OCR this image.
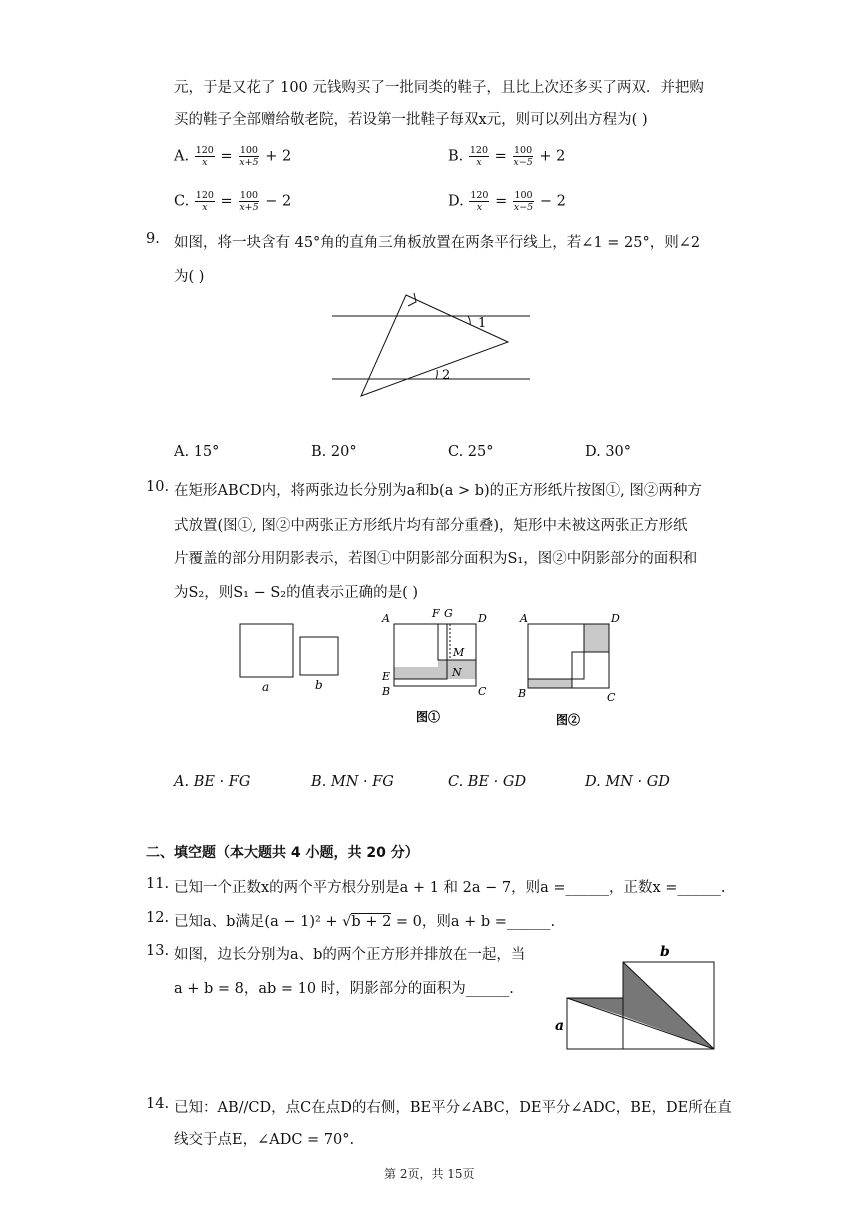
元，于是又花了 100 元钱购买了一批同类的鞋子，且比上次还多买了两双．并把购
买的鞋子全部赠给敬老院，若设第一批鞋子每双x元，则可以列出方程为( )
A. $\frac{120}{x} = \frac{100}{x+5} + 2$	B. $\frac{120}{x} = \frac{100}{x-5} + 2$
C. $\frac{120}{x} = \frac{100}{x+5} - 2$	D. $\frac{120}{x} = \frac{100}{x-5} - 2$
9. 如图，将一块含有 45°角的直角三角板放置在两条平行线上，若∠1 = 25°，则∠2
为( )
1
2
A. 15°	B. 20°	C. 25°	D. 30°
10. 在矩形ABCD内，将两张边长分别为a和b(a > b)的正方形纸片按图①, 图②两种方
式放置(图①, 图②中两张正方形纸片均有部分重叠)，矩形中未被这两张正方形纸
片覆盖的部分用阴影表示，若图①中阴影部分面积为S₁，图②中阴影部分的面积和
为S₂，则S₁ − S₂的值表示正确的是( )
a	b
A	F G D
M
N
E
B	C
图①
A	D
B	C
图②
A. BE · FG	B. MN · FG	C. BE · GD	D. MN · GD
二、填空题（本大题共 4 小题，共 20 分）
11. 已知一个正数x的两个平方根分别是a + 1 和 2a − 7，则a =______，正数x =______.
12. 已知a、b满足(a − 1)² + √b + 2 = 0，则a + b =______.
13. 如图，边长分别为a、b的两个正方形并排放在一起，当
a + b = 8，ab = 10 时，阴影部分的面积为______.
b
a
14. 已知：AB//CD，点C在点D的右侧，BE平分∠ABC，DE平分∠ADC，BE，DE所在直
线交于点E，∠ADC = 70°.
第 2页，共 15页
